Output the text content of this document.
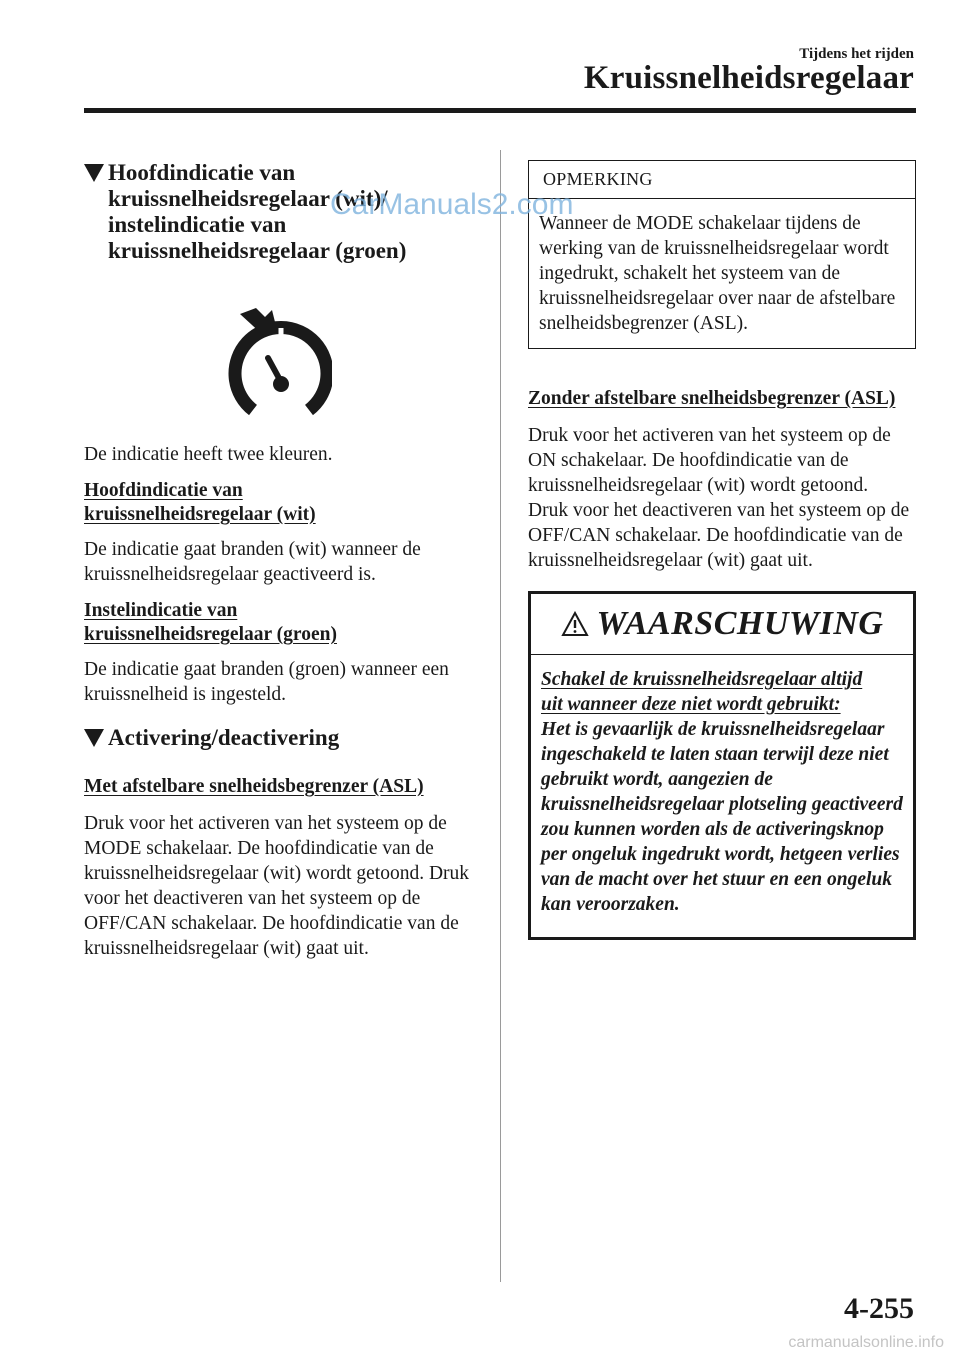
Tijdens het rijden
Kruissnelheidsregelaar
Hoofdindicatie van kruissnelheidsregelaar (wit)/ instelindicatie van kruissnelheidsregelaar (groen)

De indicatie heeft twee kleuren.

Hoofdindicatie van kruissnelheidsregelaar (wit)

De indicatie gaat branden (wit) wanneer de kruissnelheidsregelaar geactiveerd is.

Instelindicatie van kruissnelheidsregelaar (groen)

De indicatie gaat branden (groen) wanneer een kruissnelheid is ingesteld.

Activering/deactivering
Met afstelbare snelheidsbegrenzer (ASL)

Druk voor het activeren van het systeem op de MODE schakelaar. De hoofdindicatie van de kruissnelheidsregelaar (wit) wordt getoond. Druk voor het deactiveren van het systeem op de OFF/CAN schakelaar. De hoofdindicatie van de kruissnelheidsregelaar (wit) gaat uit.

OPMERKING

Wanneer de MODE schakelaar tijdens de werking van de kruissnelheidsregelaar wordt ingedrukt, schakelt het systeem van de kruissnelheidsregelaar over naar de afstelbare snelheidsbegrenzer (ASL).

Zonder afstelbare snelheidsbegrenzer (ASL)

Druk voor het activeren van het systeem op de ON schakelaar. De hoofdindicatie van de kruissnelheidsregelaar (wit) wordt getoond.

Druk voor het deactiveren van het systeem op de OFF/CAN schakelaar. De hoofdindicatie van de kruissnelheidsregelaar (wit) gaat uit.

WAARSCHUWING
Schakel de kruissnelheidsregelaar altijd uit wanneer deze niet wordt gebruikt:
Het is gevaarlijk de kruissnelheidsregelaar ingeschakeld te laten staan terwijl deze niet gebruikt wordt, aangezien de kruissnelheidsregelaar plotseling geactiveerd zou kunnen worden als de activeringsknop per ongeluk ingedrukt wordt, hetgeen verlies van de macht over het stuur en een ongeluk kan veroorzaken.
CarManuals2.com
4-255
carmanualsonline.info
